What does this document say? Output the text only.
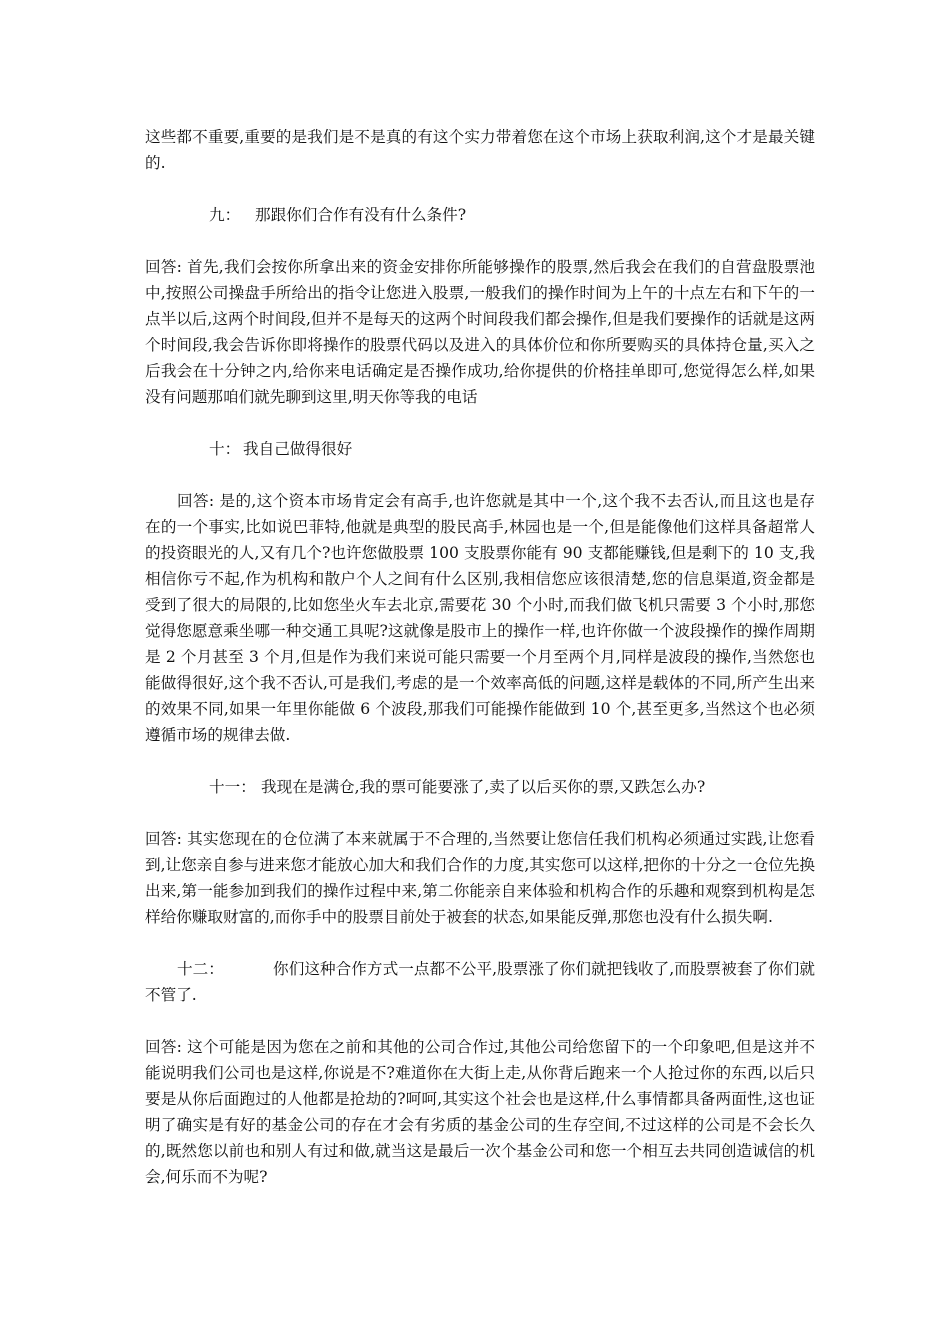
这些都不重要,重要的是我们是不是真的有这个实力带着您在这个市场上获取利润,这个才是最关键的.

九： 那跟你们合作有没有什么条件?

回答: 首先,我们会按你所拿出来的资金安排你所能够操作的股票,然后我会在我们的自营盘股票池中,按照公司操盘手所给出的指令让您进入股票,一般我们的操作时间为上午的十点左右和下午的一点半以后,这两个时间段,但并不是每天的这两个时间段我们都会操作,但是我们要操作的话就是这两个时间段,我会告诉你即将操作的股票代码以及进入的具体价位和你所要购买的具体持仓量,买入之后我会在十分钟之内,给你来电话确定是否操作成功,给你提供的价格挂单即可,您觉得怎么样,如果没有问题那咱们就先聊到这里,明天你等我的电话

十： 我自己做得很好

回答: 是的,这个资本市场肯定会有高手,也许您就是其中一个,这个我不去否认,而且这也是存在的一个事实,比如说巴菲特,他就是典型的股民高手,林园也是一个,但是能像他们这样具备超常人的投资眼光的人,又有几个?也许您做股票 100 支股票你能有 90 支都能赚钱,但是剩下的 10 支,我相信你亏不起,作为机构和散户个人之间有什么区别,我相信您应该很清楚,您的信息渠道,资金都是受到了很大的局限的,比如您坐火车去北京,需要花 30 个小时,而我们做飞机只需要 3 个小时,那您觉得您愿意乘坐哪一种交通工具呢?这就像是股市上的操作一样,也许你做一个波段操作的操作周期是 2 个月甚至 3 个月,但是作为我们来说可能只需要一个月至两个月,同样是波段的操作,当然您也能做得很好,这个我不否认,可是我们,考虑的是一个效率高低的问题,这样是载体的不同,所产生出来的效果不同,如果一年里你能做 6 个波段,那我们可能操作能做到 10 个,甚至更多,当然这个也必须遵循市场的规律去做.

十一： 我现在是满仓,我的票可能要涨了,卖了以后买你的票,又跌怎么办?

回答: 其实您现在的仓位满了本来就属于不合理的,当然要让您信任我们机构必须通过实践,让您看到,让您亲自参与进来您才能放心加大和我们合作的力度,其实您可以这样,把你的十分之一仓位先换出来,第一能参加到我们的操作过程中来,第二你能亲自来体验和机构合作的乐趣和观察到机构是怎样给你赚取财富的,而你手中的股票目前处于被套的状态,如果能反弹,那您也没有什么损失啊.

十二：	你们这种合作方式一点都不公平,股票涨了你们就把钱收了,而股票被套了你们就不管了.

回答: 这个可能是因为您在之前和其他的公司合作过,其他公司给您留下的一个印象吧,但是这并不能说明我们公司也是这样,你说是不?难道你在大街上走,从你背后跑来一个人抢过你的东西,以后只要是从你后面跑过的人他都是抢劫的?呵呵,其实这个社会也是这样,什么事情都具备两面性,这也证明了确实是有好的基金公司的存在才会有劣质的基金公司的生存空间,不过这样的公司是不会长久的,既然您以前也和别人有过和做,就当这是最后一次个基金公司和您一个相互去共同创造诚信的机会,何乐而不为呢?
